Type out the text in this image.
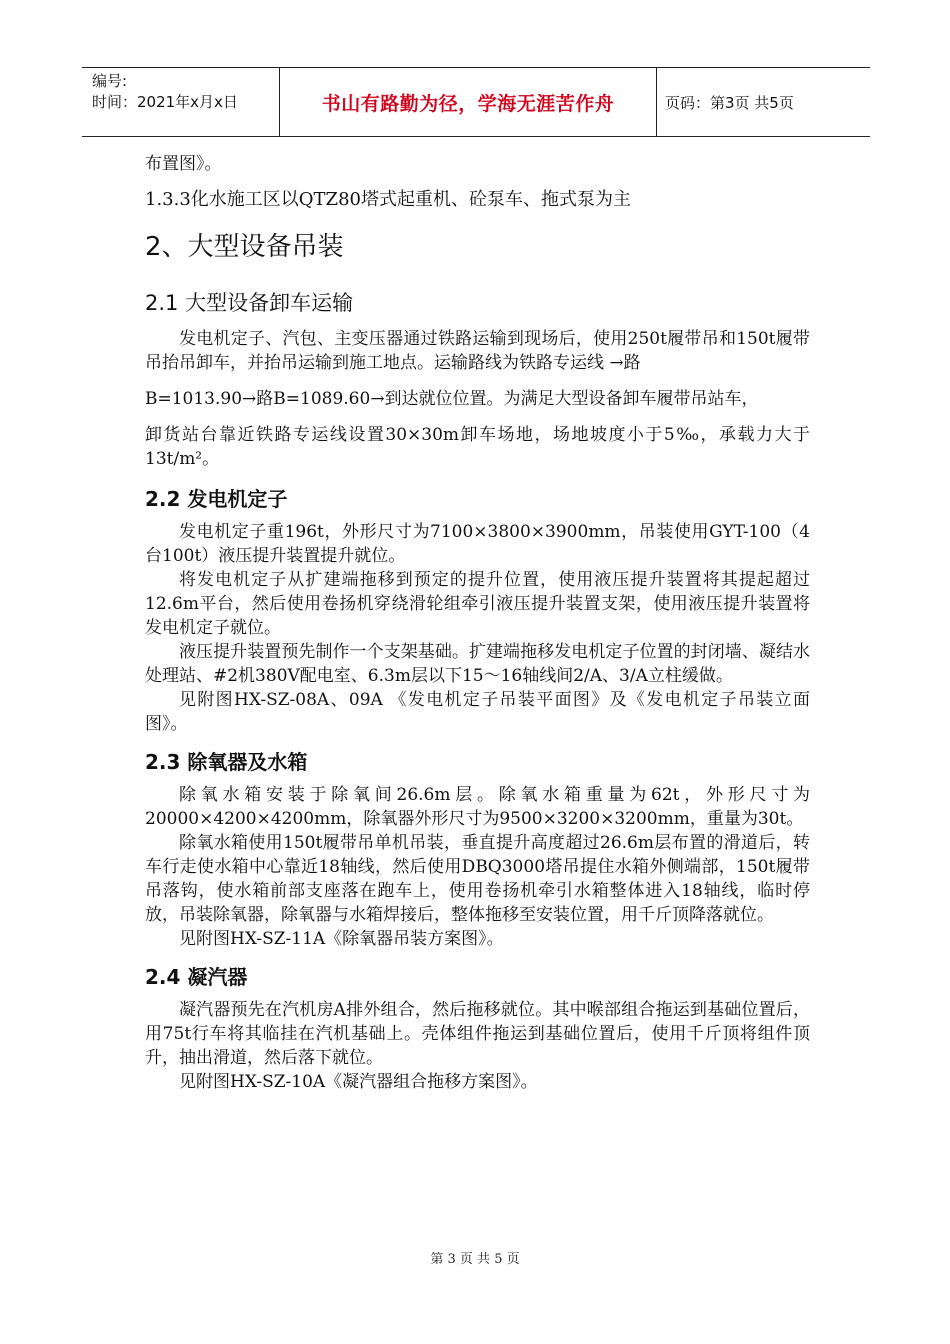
编号:
时间：2021年x月x日	书山有路勤为径，学海无涯苦作舟	页码：第3页 共5页

布置图》。

1.3.3化水施工区以QTZ80塔式起重机、砼泵车、拖式泵为主

2、大型设备吊装
2.1 大型设备卸车运输

发电机定子、汽包、主变压器通过铁路运输到现场后，使用250t履带吊和150t履带吊抬吊卸车，并抬吊运输到施工地点。运输路线为铁路专运线 →路

B=1013.90→路B=1089.60→到达就位位置。为满足大型设备卸车履带吊站车，

卸货站台靠近铁路专运线设置30×30m卸车场地，场地坡度小于5‰，承载力大于13t/m²。

2.2 发电机定子

发电机定子重196t，外形尺寸为7100×3800×3900mm，吊装使用GYT-100（4台100t）液压提升装置提升就位。

将发电机定子从扩建端拖移到预定的提升位置，使用液压提升装置将其提起超过12.6m平台，然后使用卷扬机穿绕滑轮组牵引液压提升装置支架，使用液压提升装置将发电机定子就位。

液压提升装置预先制作一个支架基础。扩建端拖移发电机定子位置的封闭墙、凝结水处理站、#2机380V配电室、6.3m层以下15～16轴线间2/A、3/A立柱缓做。

见附图HX-SZ-08A、09A 《发电机定子吊装平面图》及《发电机定子吊装立面图》。

2.3 除氧器及水箱

除氧水箱安装于除氧间26.6m层。除氧水箱重量为62t，外形尺寸为20000×4200×4200mm，除氧器外形尺寸为9500×3200×3200mm，重量为30t。

除氧水箱使用150t履带吊单机吊装，垂直提升高度超过26.6m层布置的滑道后，转车行走使水箱中心靠近18轴线，然后使用DBQ3000塔吊提住水箱外侧端部，150t履带吊落钩，使水箱前部支座落在跑车上，使用卷扬机牵引水箱整体进入18轴线，临时停放，吊装除氧器，除氧器与水箱焊接后，整体拖移至安装位置，用千斤顶降落就位。

见附图HX-SZ-11A《除氧器吊装方案图》。

2.4 凝汽器

凝汽器预先在汽机房A排外组合，然后拖移就位。其中喉部组合拖运到基础位置后，用75t行车将其临挂在汽机基础上。壳体组件拖运到基础位置后，使用千斤顶将组件顶升，抽出滑道，然后落下就位。

见附图HX-SZ-10A《凝汽器组合拖移方案图》。

第 3 页 共 5 页
